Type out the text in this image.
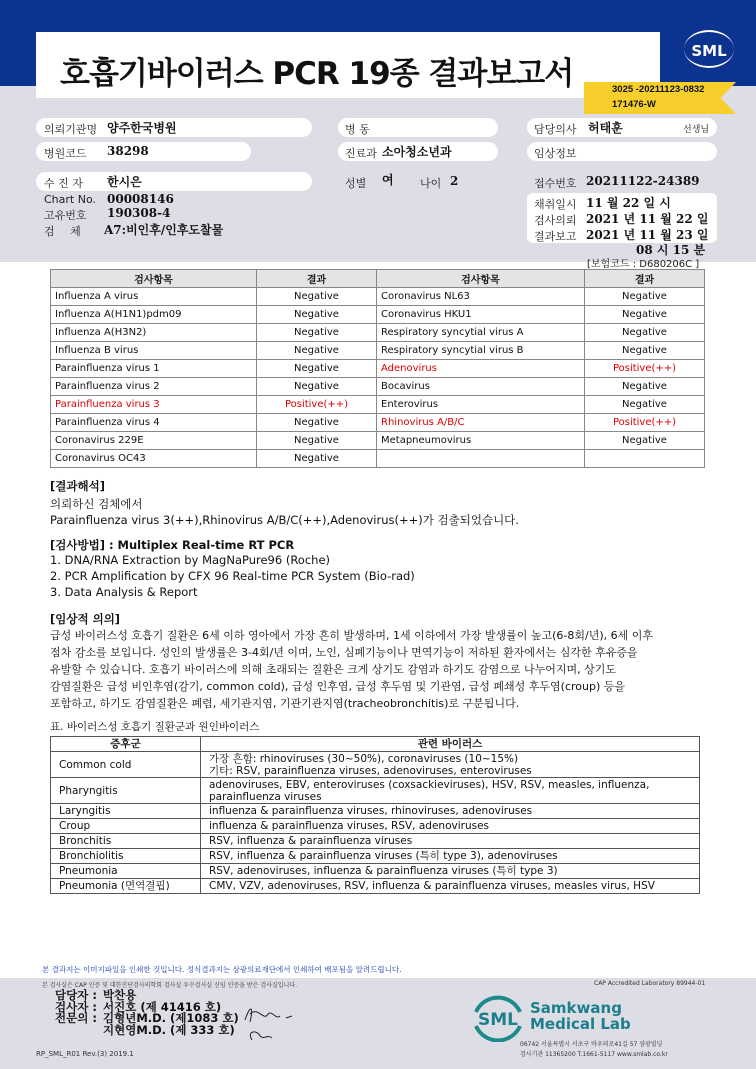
호흡기바이러스 PCR 19종 결과보고서
SML
3025 -20211123-0832
171476-W
의뢰기관명 양주한국병원	병 동	담당의사 허태훈	선생님
병원코드 38298	진료과 소아청소년과	임상정보
수 진 자 한시은	성별 여 나이 2	접수번호 20211122-24389
Chart No. 00008146
고유번호 190308-4
검 체 A7:비인후/인후도찰물
채취일시 11 월 22 일 시
검사의뢰 2021 년 11 월 22 일
결과보고 2021 년 11 월 23 일
08 시 15 분
[보험코드 : D680206C ]
검사항목	결과	검사항목	결과
Influenza A virus	Negative	Coronavirus NL63	Negative
Influenza A(H1N1)pdm09	Negative	Coronavirus HKU1	Negative
Influenza A(H3N2)	Negative	Respiratory syncytial virus A	Negative
Influenza B virus	Negative	Respiratory syncytial virus B	Negative
Parainfluenza virus 1	Negative	Adenovirus	Positive(++)
Parainfluenza virus 2	Negative	Bocavirus	Negative
Parainfluenza virus 3	Positive(++)	Enterovirus	Negative
Parainfluenza virus 4	Negative	Rhinovirus A/B/C	Positive(++)
Coronavirus 229E	Negative	Metapneumovirus	Negative
Coronavirus OC43	Negative		
[결과해석]
의뢰하신 검체에서
Parainfluenza virus 3(++),Rhinovirus A/B/C(++),Adenovirus(++)가 검출되었습니다.
[검사방법] : Multiplex Real-time RT PCR
1. DNA/RNA Extraction by MagNaPure96 (Roche)
2. PCR Amplification by CFX 96 Real-time PCR System (Bio-rad)
3. Data Analysis & Report
[임상적 의의]
급성 바이러스성 호흡기 질환은 6세 이하 영아에서 가장 흔히 발생하며, 1세 이하에서 가장 발생률이 높고(6-8회/년), 6세 이후
점차 감소를 보입니다. 성인의 발생률은 3-4회/년 이며, 노인, 심폐기능이나 면역기능이 저하된 환자에서는 심각한 후유증을
유발할 수 있습니다. 호흡기 바이러스에 의해 초래되는 질환은 크게 상기도 감염과 하기도 감염으로 나누어지며, 상기도
감염질환은 급성 비인후염(감기, common cold), 급성 인후염, 급성 후두염 및 기관염, 급성 폐쇄성 후두염(croup) 등을
포함하고, 하기도 감염질환은 폐렴, 세기관지염, 기관기관지염(tracheobronchitis)로 구분됩니다.
표. 바이러스성 호흡기 질환군과 원인바이러스
증후군	관련 바이러스
Common cold	가장 흔함: rhinoviruses (30~50%), coronaviruses (10~15%)
기타: RSV, parainfluenza viruses, adenoviruses, enteroviruses
Pharyngitis	adenoviruses, EBV, enteroviruses (coxsackieviruses), HSV, RSV, measles, influenza,
parainfluenza viruses
Laryngitis	influenza & parainfluenza viruses, rhinoviruses, adenoviruses
Croup	influenza & parainfluenza viruses, RSV, adenoviruses
Bronchitis	RSV, influenza & parainfluenza viruses
Bronchiolitis	RSV, influenza & parainfluenza viruses (특히 type 3), adenoviruses
Pneumonia	RSV, adenoviruses, influenza & parainfluenza viruses (특히 type 3)
Pneumonia (면역결핍)	CMV, VZV, adenoviruses, RSV, influenza & parainfluenza viruses, measles virus, HSV
본 결과지는 이미지파일을 인쇄한 것입니다. 정식결과지는 삼광의료재단에서 인쇄하여 배포됨을 알려드립니다.
본 검사실은 CAP 인증 및 대한진단검사의학회 검사실 우수검사실 신임 인증을 받은 검사실입니다.	CAP Accredited Laboratory 89944-01
담당자 : 박찬용
검사자 : 서진호 (제 41416 호)
전문의 : 김형년M.D. (제1083 호)
지현영M.D. (제 333 호)	SML
Samkwang
Medical Lab
06742 서울특별시 서초구 바우뫼로41길 57 삼광빌딩
검사기관 11365200 T.1661-5117 www.smlab.co.kr
RP_SML_R01 Rev.(3) 2019.1
